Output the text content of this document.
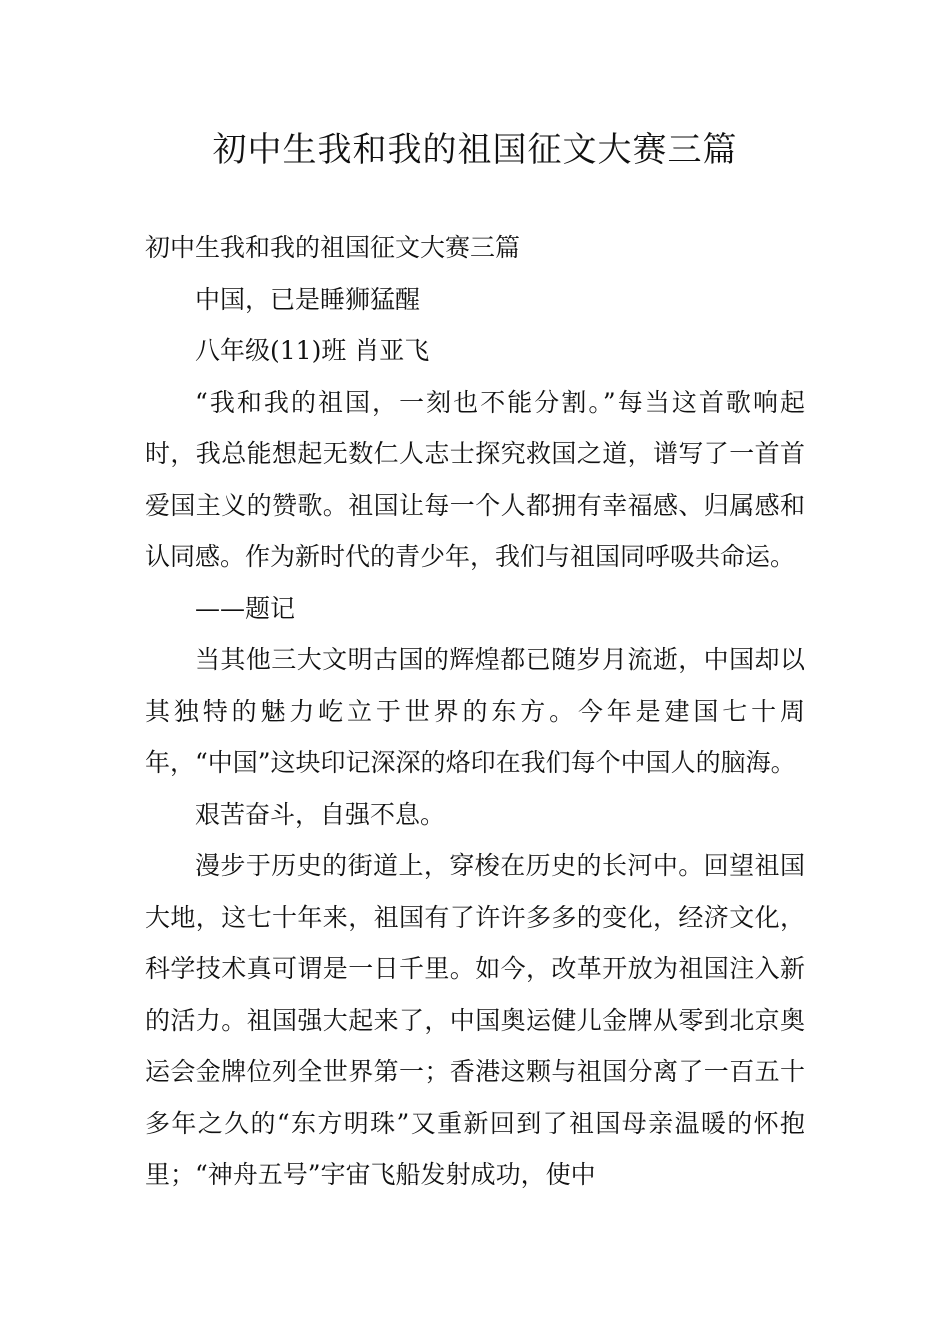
初中生我和我的祖国征文大赛三篇

初中生我和我的祖国征文大赛三篇

中国，已是睡狮猛醒

八年级(11)班 肖亚飞

“我和我的祖国，一刻也不能分割。”每当这首歌响起时，我总能想起无数仁人志士探究救国之道，谱写了一首首爱国主义的赞歌。祖国让每一个人都拥有幸福感、归属感和认同感。作为新时代的青少年，我们与祖国同呼吸共命运。

——题记

当其他三大文明古国的辉煌都已随岁月流逝，中国却以其独特的魅力屹立于世界的东方。今年是建国七十周年，“中国”这块印记深深的烙印在我们每个中国人的脑海。

艰苦奋斗，自强不息。

漫步于历史的街道上，穿梭在历史的长河中。回望祖国大地，这七十年来，祖国有了许许多多的变化，经济文化，科学技术真可谓是一日千里。如今，改革开放为祖国注入新的活力。祖国强大起来了，中国奥运健儿金牌从零到北京奥运会金牌位列全世界第一；香港这颗与祖国分离了一百五十多年之久的“东方明珠”又重新回到了祖国母亲温暖的怀抱里；“神舟五号”宇宙飞船发射成功，使中
